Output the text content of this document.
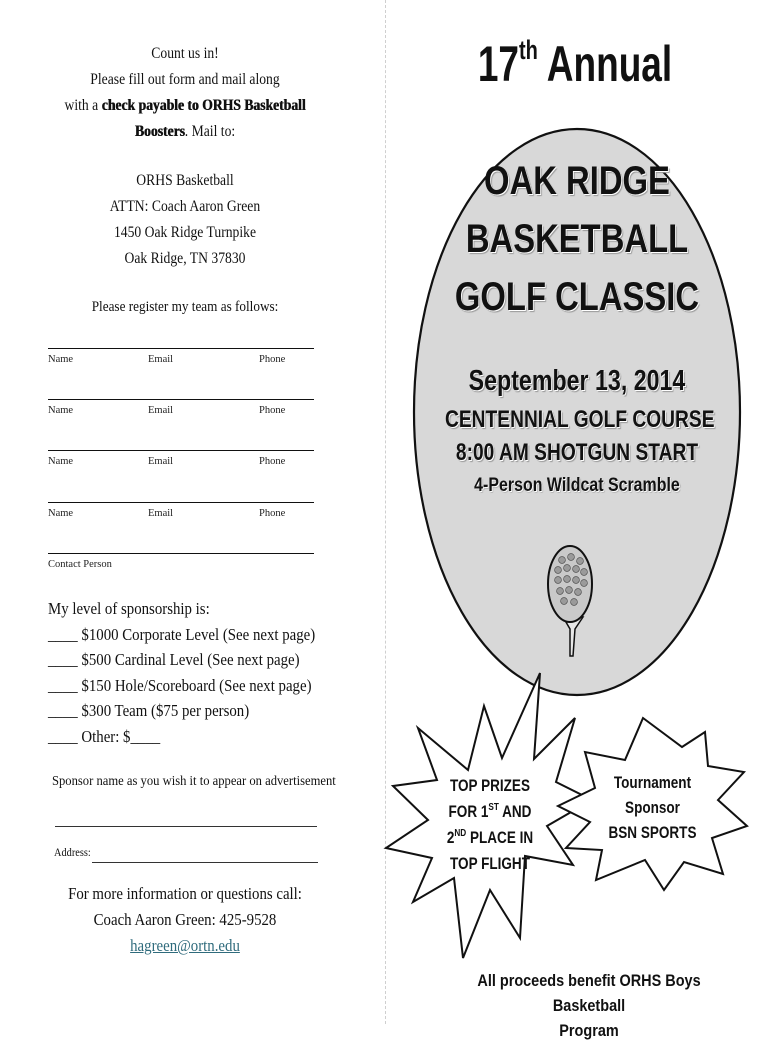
Count us in!
Please fill out form and mail along
with a check payable to ORHS Basketball
Boosters. Mail to:
ORHS Basketball
ATTN: Coach Aaron Green
1450 Oak Ridge Turnpike
Oak Ridge, TN 37830
Please register my team as follows:
Name	Email	Phone
Name	Email	Phone
Name	Email	Phone
Name	Email	Phone
Contact Person
My level of sponsorship is:
____ $1000 Corporate Level (See next page)
____ $500 Cardinal Level (See next page)
____ $150 Hole/Scoreboard (See next page)
____ $300 Team ($75 per person)
____ Other: $____
Sponsor name as you wish it to appear on advertisement
Address:
For more information or questions call:
Coach Aaron Green: 425-9528
hagreen@ortn.edu
17th Annual
OAK RIDGE
BASKETBALL
GOLF CLASSIC
September 13, 2014
CENTENNIAL GOLF COURSE
8:00 AM SHOTGUN START
4-Person Wildcat Scramble
TOP PRIZES
FOR 1ST AND
2ND PLACE IN
TOP FLIGHT
Tournament
Sponsor
BSN SPORTS
All proceeds benefit ORHS Boys Basketball
Program
